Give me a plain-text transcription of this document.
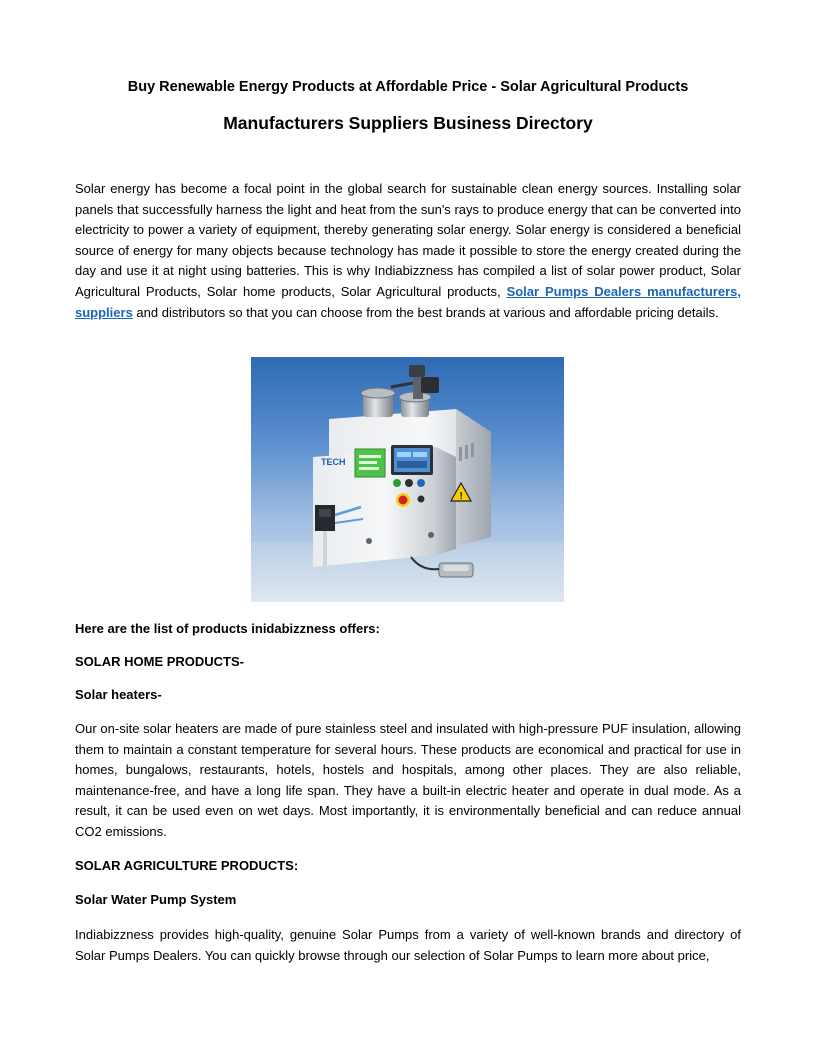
Buy Renewable Energy Products at Affordable Price - Solar Agricultural Products
Manufacturers Suppliers Business Directory

Solar energy has become a focal point in the global search for sustainable clean energy sources. Installing solar panels that successfully harness the light and heat from the sun's rays to produce energy that can be converted into electricity to power a variety of equipment, thereby generating solar energy. Solar energy is considered a beneficial source of energy for many objects because technology has made it possible to store the energy created during the day and use it at night using batteries. This is why Indiabizzness has compiled a list of solar power product, Solar Agricultural Products, Solar home products, Solar Agricultural products, Solar Pumps Dealers manufacturers, suppliers and distributors so that you can choose from the best brands at various and affordable pricing details.

Here are the list of products inidabizzness offers:

SOLAR HOME PRODUCTS-

Solar heaters-

Our on-site solar heaters are made of pure stainless steel and insulated with high-pressure PUF insulation, allowing them to maintain a constant temperature for several hours. These products are economical and practical for use in homes, bungalows, restaurants, hotels, hostels and hospitals, among other places. They are also reliable, maintenance-free, and have a long life span. They have a built-in electric heater and operate in dual mode. As a result, it can be used even on wet days. Most importantly, it is environmentally beneficial and can reduce annual CO2 emissions.

SOLAR AGRICULTURE PRODUCTS:

Solar Water Pump System

Indiabizzness provides high-quality, genuine Solar Pumps from a variety of well-known brands and directory of Solar Pumps Dealers. You can quickly browse through our selection of Solar Pumps to learn more about price,

TECH
!
